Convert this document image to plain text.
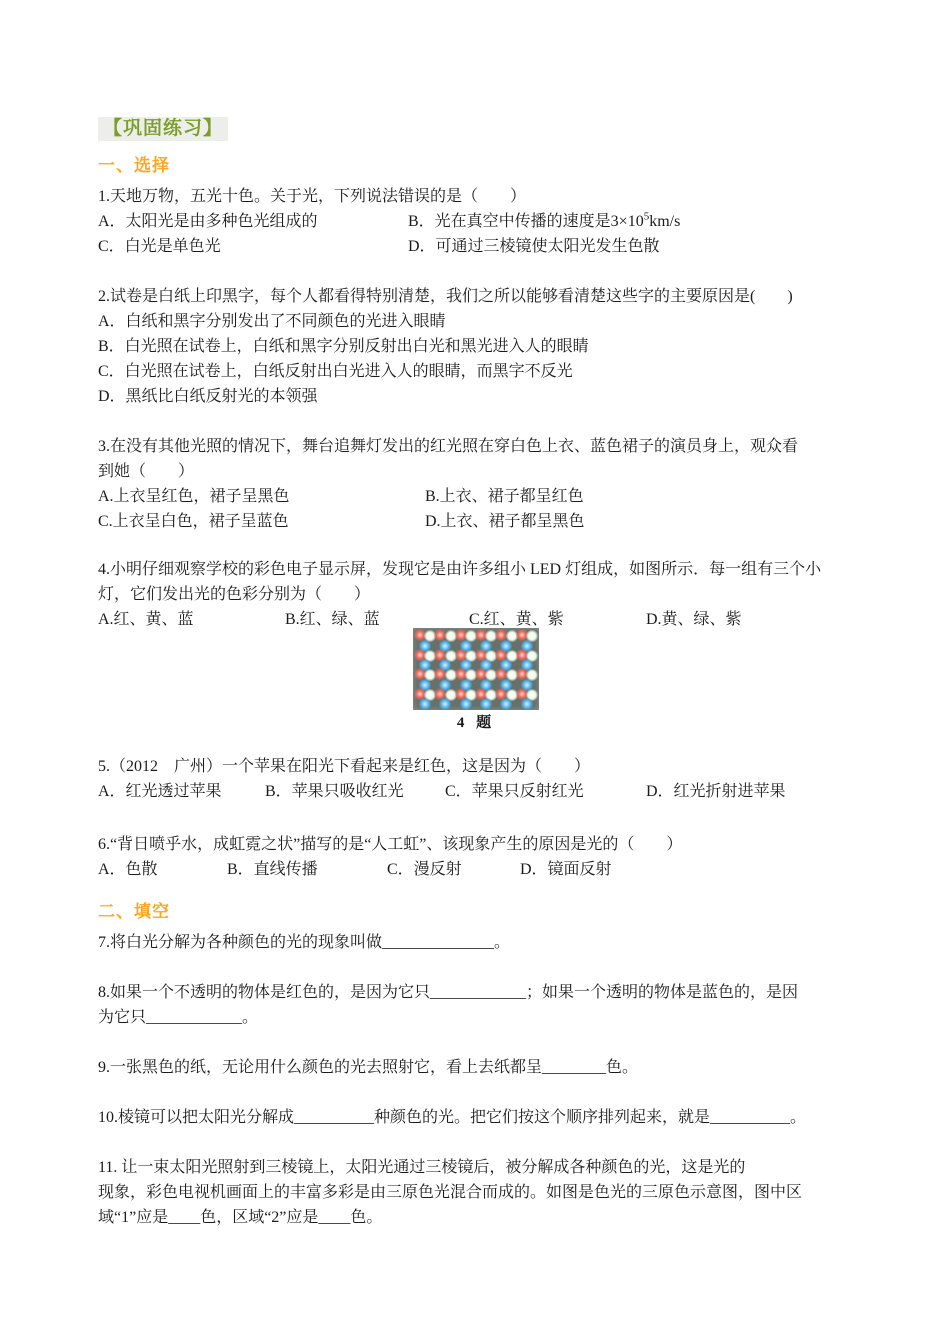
【巩固练习】
一、选择
1.天地万物，五光十色。关于光，下列说法错误的是（　　）
A．太阳光是由多种色光组成的	B．光在真空中传播的速度是$3\times 10^5km/s$
C．白光是单色光	D．可通过三棱镜使太阳光发生色散
2.试卷是白纸上印黑字，每个人都看得特别清楚，我们之所以能够看清楚这些字的主要原因是(　　)
A．白纸和黑字分别发出了不同颜色的光进入眼睛
B．白光照在试卷上，白纸和黑字分别反射出白光和黑光进入人的眼睛
C．白光照在试卷上，白纸反射出白光进入人的眼睛，而黑字不反光
D．黑纸比白纸反射光的本领强
3.在没有其他光照的情况下，舞台追舞灯发出的红光照在穿白色上衣、蓝色裙子的演员身上，观众看
到她（　　）
A.上衣呈红色，裙子呈黑色	B.上衣、裙子都呈红色
C.上衣呈白色，裙子呈蓝色	D.上衣、裙子都呈黑色
4.小明仔细观察学校的彩色电子显示屏，发现它是由许多组小 LED 灯组成，如图所示．每一组有三个小
灯，它们发出光的色彩分别为（　　）
A.红、黄、蓝	B.红、绿、蓝	C.红、黄、紫	D.黄、绿、紫
4 题
5.（2012　广州）一个苹果在阳光下看起来是红色，这是因为（　　）
A．红光透过苹果	B．苹果只吸收红光	C．苹果只反射红光	D．红光折射进苹果
6.“背日喷乎水，成虹霓之状”描写的是“人工虹”、该现象产生的原因是光的（　　）
A．色散	B．直线传播	C．漫反射	D．镜面反射
二、填空
7.将白光分解为各种颜色的光的现象叫做______________。
8.如果一个不透明的物体是红色的，是因为它只____________；如果一个透明的物体是蓝色的，是因
为它只____________。
9.一张黑色的纸，无论用什么颜色的光去照射它，看上去纸都呈________色。
10.棱镜可以把太阳光分解成__________种颜色的光。把它们按这个顺序排列起来，就是__________。
11. 让一束太阳光照射到三棱镜上，太阳光通过三棱镜后，被分解成各种颜色的光，这是光的
现象，彩色电视机画面上的丰富多彩是由三原色光混合而成的。如图是色光的三原色示意图，图中区
域“1”应是____色，区域“2”应是____色。
